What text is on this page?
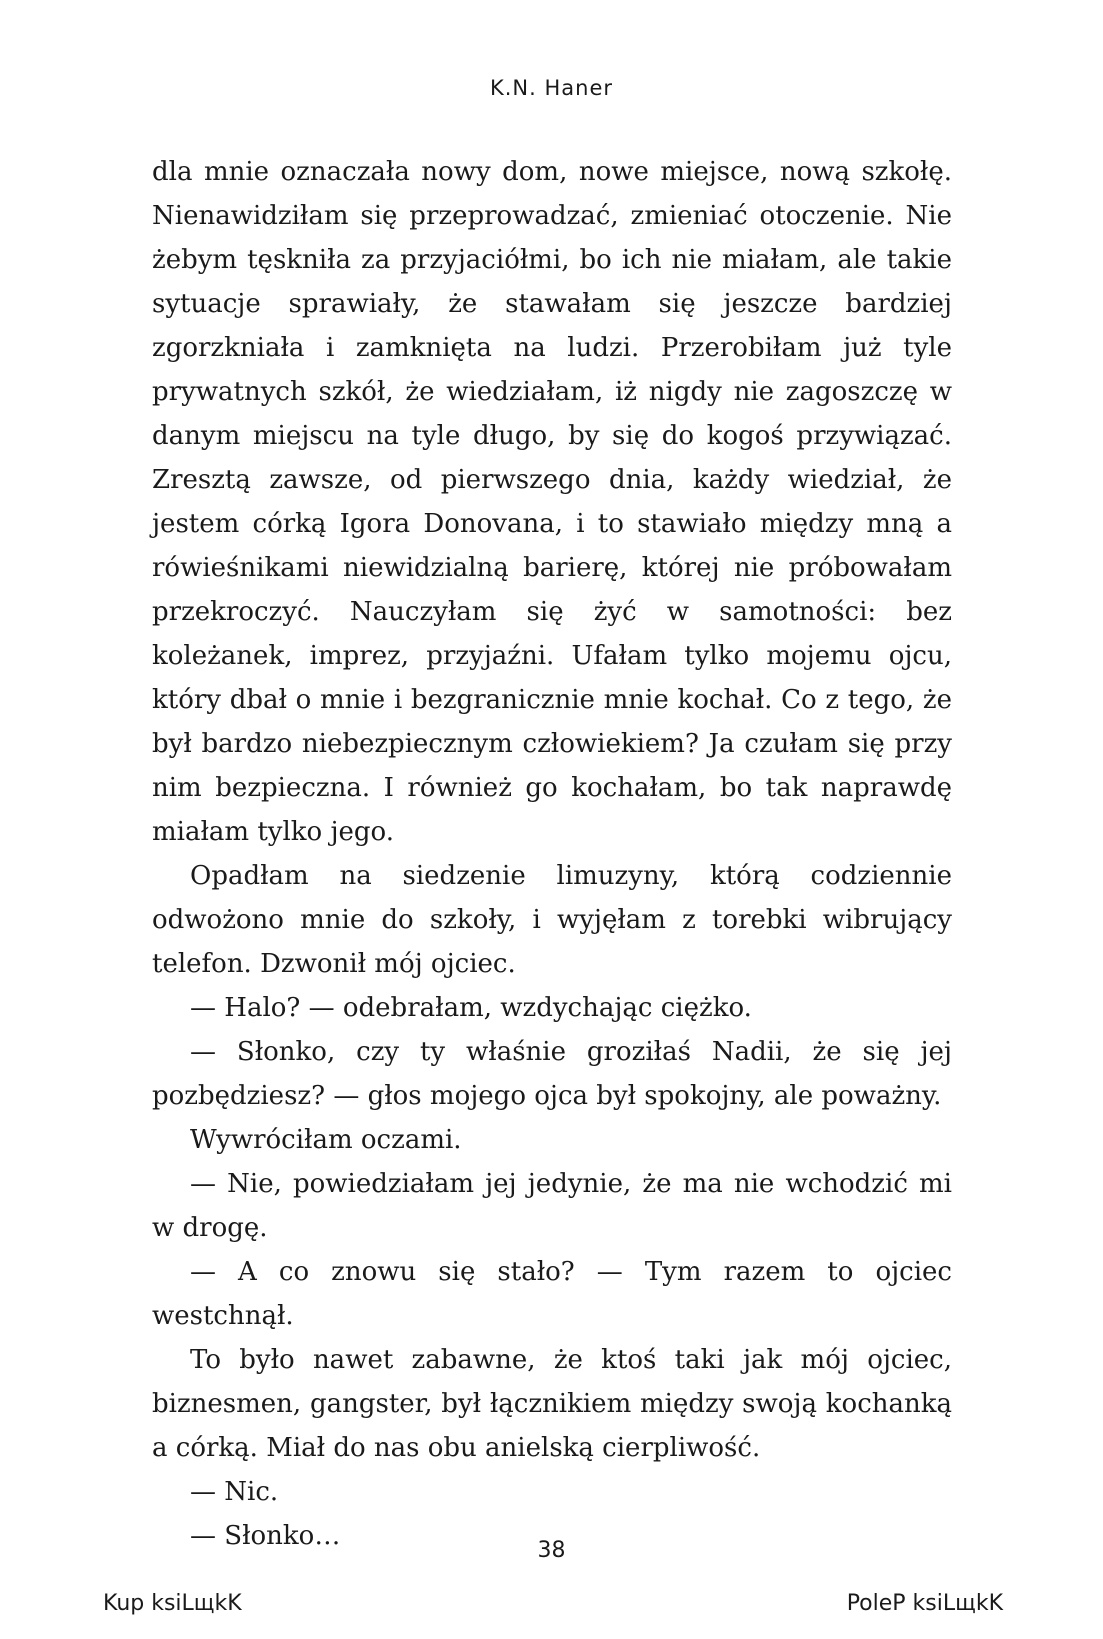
K.N. Haner

dla mnie oznaczała nowy dom, nowe miejsce, nową szkołę. Nienawidziłam się przeprowadzać, zmieniać otoczenie. Nie żebym tęskniła za przyjaciółmi, bo ich nie miałam, ale takie sytuacje sprawiały, że stawałam się jeszcze bardziej zgorzkniała i zamknięta na ludzi. Przerobiłam już tyle prywatnych szkół, że wiedziałam, iż nigdy nie zagoszczę w danym miejscu na tyle długo, by się do kogoś przywiązać. Zresztą zawsze, od pierwszego dnia, każdy wiedział, że jestem córką Igora Donovana, i to stawiało między mną a rówieśnikami niewidzialną barierę, której nie próbowałam przekroczyć. Nauczyłam się żyć w samotności: bez koleżanek, imprez, przyjaźni. Ufałam tylko mojemu ojcu, który dbał o mnie i bezgranicznie mnie kochał. Co z tego, że był bardzo niebezpiecznym człowiekiem? Ja czułam się przy nim bezpieczna. I również go kochałam, bo tak naprawdę miałam tylko jego.

Opadłam na siedzenie limuzyny, którą codziennie odwożono mnie do szkoły, i wyjęłam z torebki wibrujący telefon. Dzwonił mój ojciec.

— Halo? — odebrałam, wzdychając ciężko.

— Słonko, czy ty właśnie groziłaś Nadii, że się jej pozbędziesz? — głos mojego ojca był spokojny, ale poważny.

Wywróciłam oczami.

— Nie, powiedziałam jej jedynie, że ma nie wchodzić mi w drogę.

— A co znowu się stało? — Tym razem to ojciec westchnął.

To było nawet zabawne, że ktoś taki jak mój ojciec, biznesmen, gangster, był łącznikiem między swoją kochanką a córką. Miał do nas obu anielską cierpliwość.

— Nic.

— Słonko…	38
Kup ksiLщkK	PoleP ksiLщkK
